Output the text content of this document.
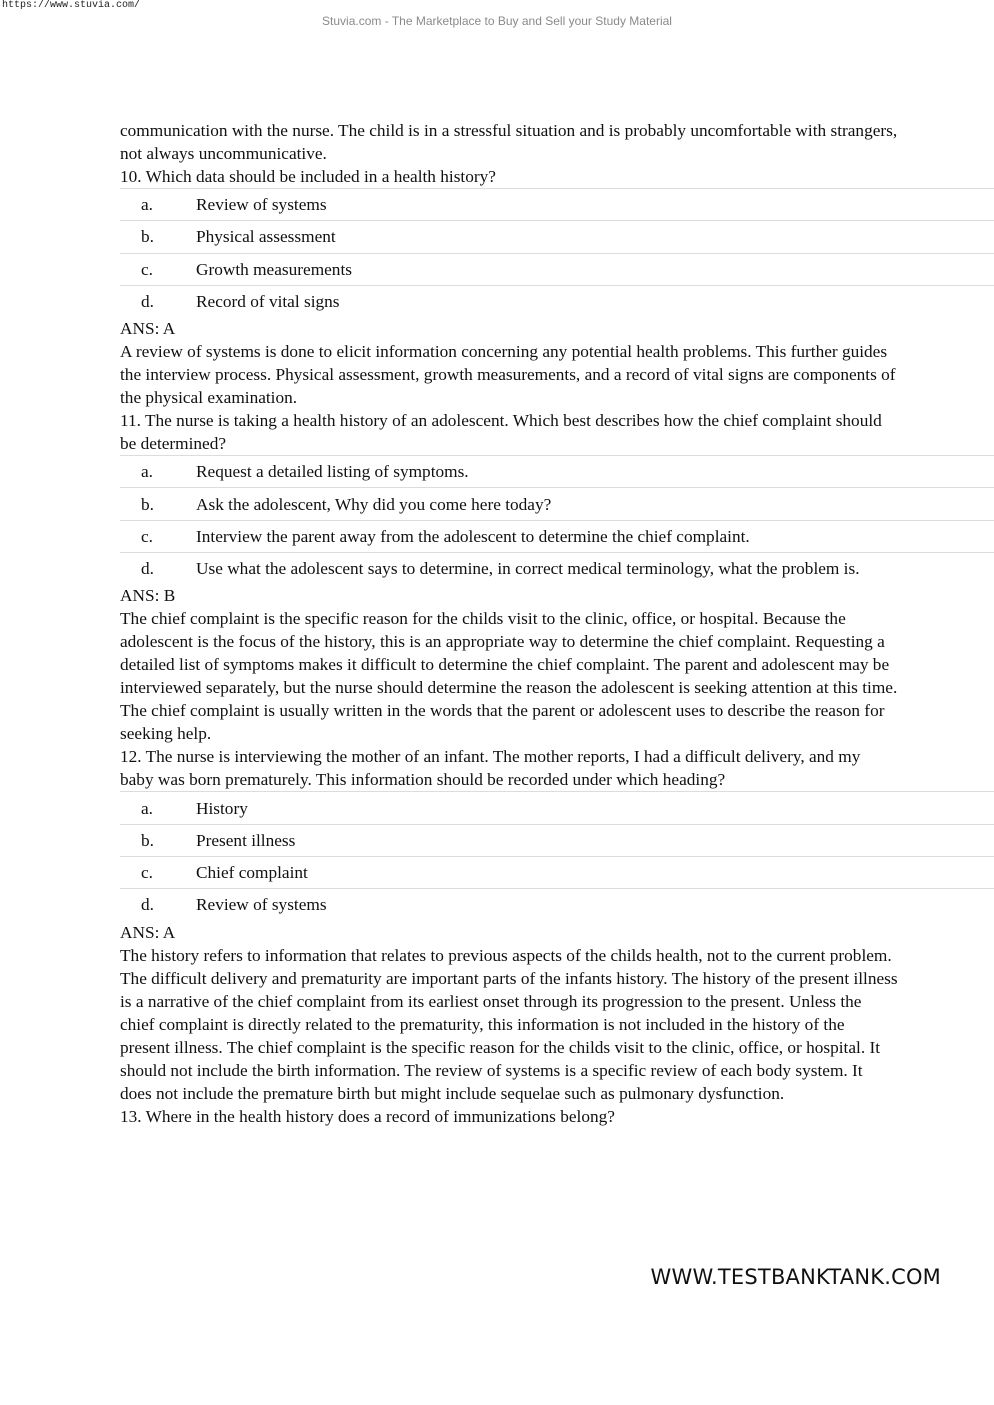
https://www.stuvia.com/
Stuvia.com - The Marketplace to Buy and Sell your Study Material

communication with the nurse. The child is in a stressful situation and is probably uncomfortable with strangers, not always uncommunicative.

10. Which data should be included in a health history?

a.	Review of systems
b.	Physical assessment
c.	Growth measurements
d.	Record of vital signs

ANS: A

A review of systems is done to elicit information concerning any potential health problems. This further guides the interview process. Physical assessment, growth measurements, and a record of vital signs are components of the physical examination.

11. The nurse is taking a health history of an adolescent. Which best describes how the chief complaint should be determined?

a.	Request a detailed listing of symptoms.
b.	Ask the adolescent, Why did you come here today?
c.	Interview the parent away from the adolescent to determine the chief complaint.
d.	Use what the adolescent says to determine, in correct medical terminology, what the problem is.

ANS: B

The chief complaint is the specific reason for the childs visit to the clinic, office, or hospital. Because the adolescent is the focus of the history, this is an appropriate way to determine the chief complaint. Requesting a detailed list of symptoms makes it difficult to determine the chief complaint. The parent and adolescent may be interviewed separately, but the nurse should determine the reason the adolescent is seeking attention at this time. The chief complaint is usually written in the words that the parent or adolescent uses to describe the reason for seeking help.

12. The nurse is interviewing the mother of an infant. The mother reports, I had a difficult delivery, and my baby was born prematurely. This information should be recorded under which heading?

a.	History
b.	Present illness
c.	Chief complaint
d.	Review of systems

ANS: A

The history refers to information that relates to previous aspects of the childs health, not to the current problem. The difficult delivery and prematurity are important parts of the infants history. The history of the present illness is a narrative of the chief complaint from its earliest onset through its progression to the present. Unless the chief complaint is directly related to the prematurity, this information is not included in the history of the present illness. The chief complaint is the specific reason for the childs visit to the clinic, office, or hospital. It should not include the birth information. The review of systems is a specific review of each body system. It does not include the premature birth but might include sequelae such as pulmonary dysfunction.

13. Where in the health history does a record of immunizations belong?

WWW.TESTBANKTANK.COM
